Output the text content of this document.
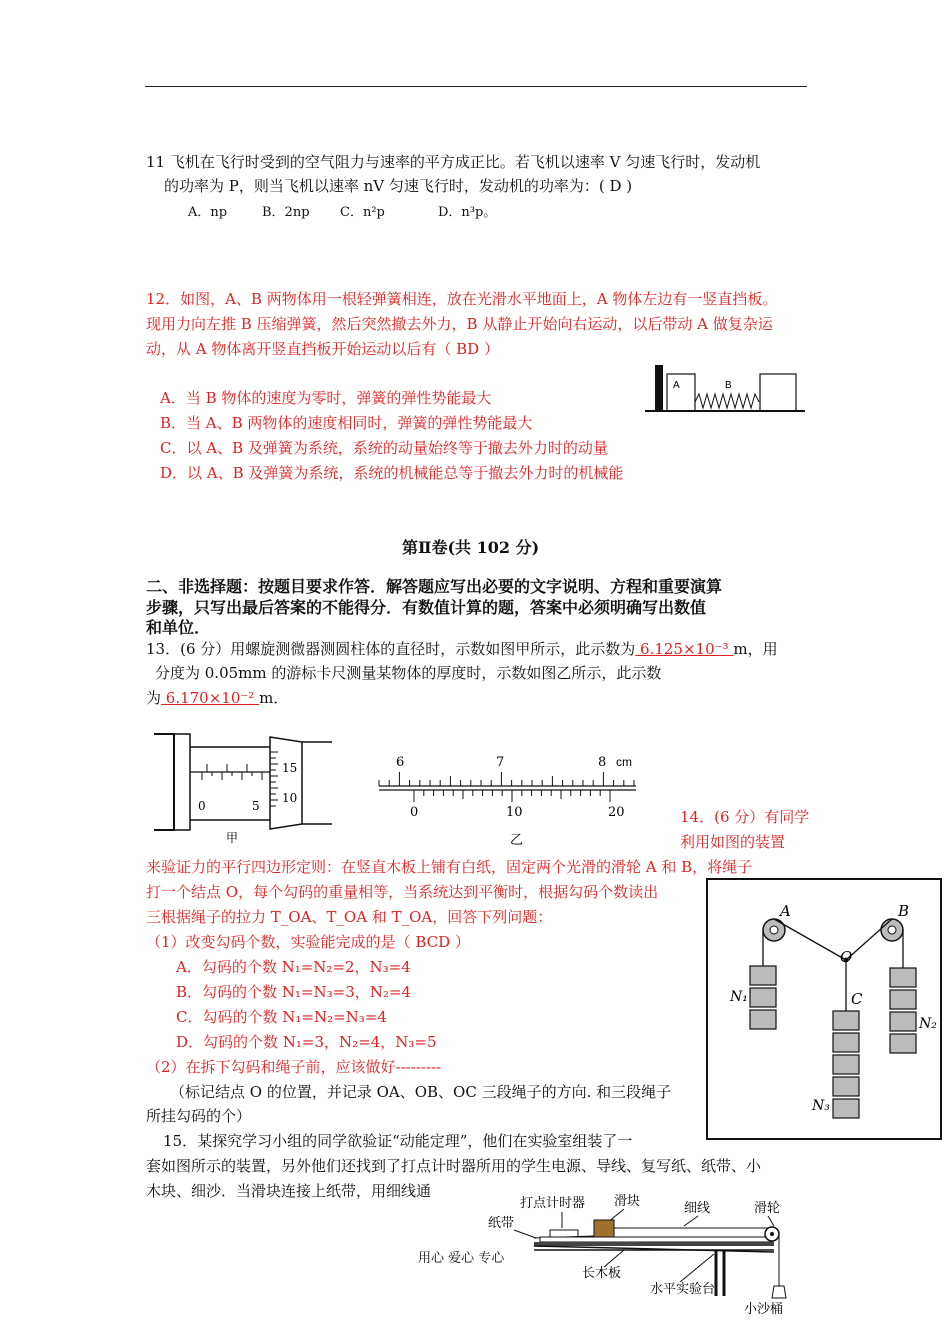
11 飞机在飞行时受到的空气阻力与速率的平方成正比。若飞机以速率 V 匀速飞行时，发动机
的功率为 P，则当飞机以速率 nV 匀速飞行时，发动机的功率为：( D )
A．np	B．2np C．n²p	D．n³p。
12．如图，A、B 两物体用一根轻弹簧相连，放在光滑水平地面上，A 物体左边有一竖直挡板。
现用力向左推 B 压缩弹簧，然后突然撤去外力，B 从静止开始向右运动，以后带动 A 做复杂运
动，从 A 物体离开竖直挡板开始运动以后有（ BD ）
A．当 B 物体的速度为零时，弹簧的弹性势能最大
B．当 A、B 两物体的速度相同时，弹簧的弹性势能最大
C．以 A、B 及弹簧为系统，系统的动量始终等于撤去外力时的动量
D．以 A、B 及弹簧为系统，系统的机械能总等于撤去外力时的机械能
A	B
第Ⅱ卷(共 102 分)
二、非选择题：按题目要求作答．解答题应写出必要的文字说明、方程和重要演算
步骤，只写出最后答案的不能得分．有数值计算的题，答案中必须明确写出数值
和单位．
13．(6 分）用螺旋测微器测圆柱体的直径时，示数如图甲所示，此示数为 6.125×10⁻³ m，用
分度为 0.05mm 的游标卡尺测量某物体的厚度时，示数如图乙所示，此示数
为 6.170×10⁻² m．
15
10
0	5
甲
6	7	8 cm
0	10	20
乙
14．(6 分）有同学
利用如图的装置
来验证力的平行四边形定则：在竖直木板上铺有白纸，固定两个光滑的滑轮 A 和 B，将绳子
打一个结点 O，每个勾码的重量相等，当系统达到平衡时，根据勾码个数读出
三根据绳子的拉力 T_OA、T_OA 和 T_OA，回答下列问题：
（1）改变勾码个数，实验能完成的是（ BCD ）
A．勾码的个数 N₁=N₂=2，N₃=4
B．勾码的个数 N₁=N₃=3，N₂=4
C．勾码的个数 N₁=N₂=N₃=4
D．勾码的个数 N₁=3，N₂=4，N₃=5
（2）在拆下勾码和绳子前，应该做好---------
（标记结点 O 的位置，并记录 OA、OB、OC 三段绳子的方向. 和三段绳子
所挂勾码的个）
A	B
O
C
N₁
N₂
N₃
15．某探究学习小组的同学欲验证“动能定理”，他们在实验室组装了一
套如图所示的装置，另外他们还找到了打点计时器所用的学生电源、导线、复写纸、纸带、小
木块、细沙．当滑块连接上纸带，用细线通
用心 爱心 专心
打点计时器 滑块	细线	滑轮
纸带
长木板
水平实验台
小沙桶
